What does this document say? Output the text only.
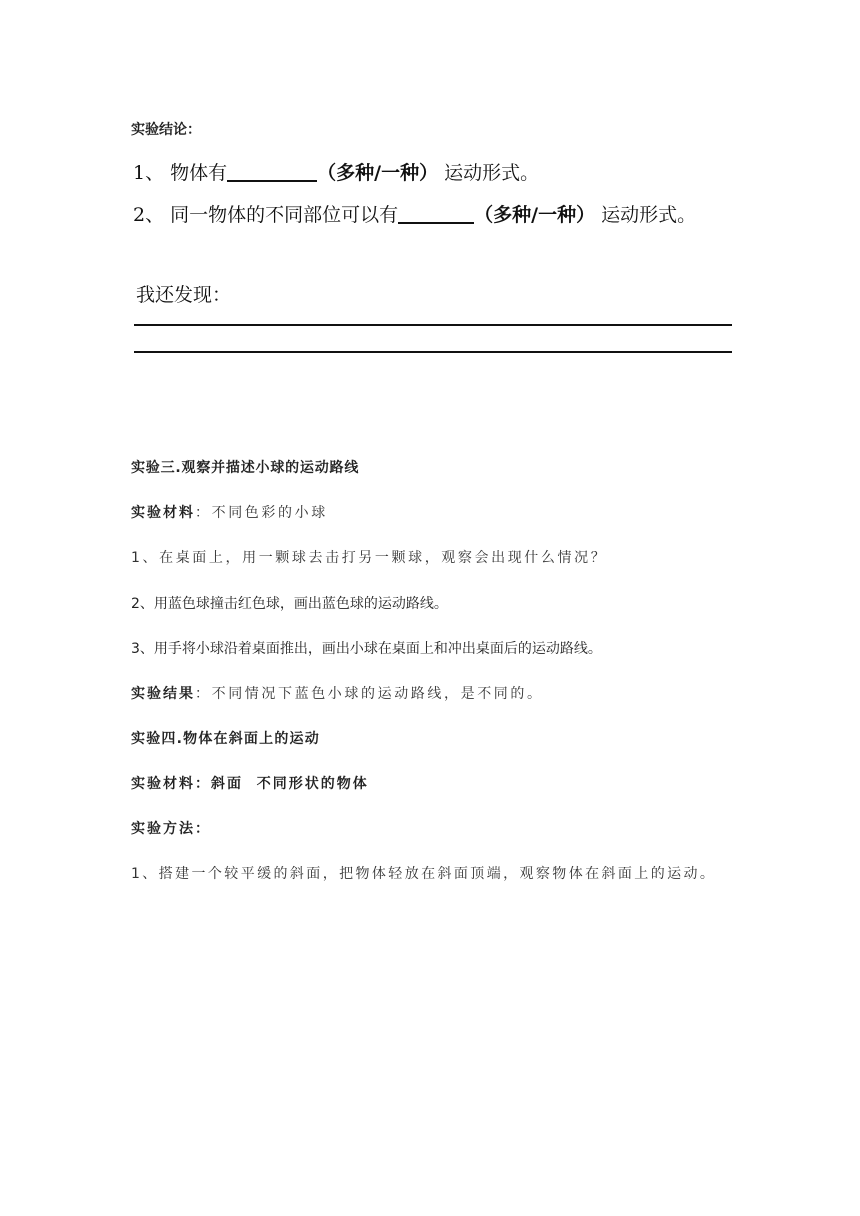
实验结论：
1、 物体有	（多种/一种） 运动形式。
2、 同一物体的不同部位可以有	（多种/一种） 运动形式。
我还发现：
实验三.观察并描述小球的运动路线
实验材料：不同色彩的小球
1、在桌面上，用一颗球去击打另一颗球，观察会出现什么情况？
2、用蓝色球撞击红色球，画出蓝色球的运动路线。
3、用手将小球沿着桌面推出，画出小球在桌面上和冲出桌面后的运动路线。
实验结果：不同情况下蓝色小球的运动路线，是不同的。
实验四.物体在斜面上的运动
实验材料：斜面  不同形状的物体
实验方法：
1、搭建一个较平缓的斜面，把物体轻放在斜面顶端，观察物体在斜面上的运动。
